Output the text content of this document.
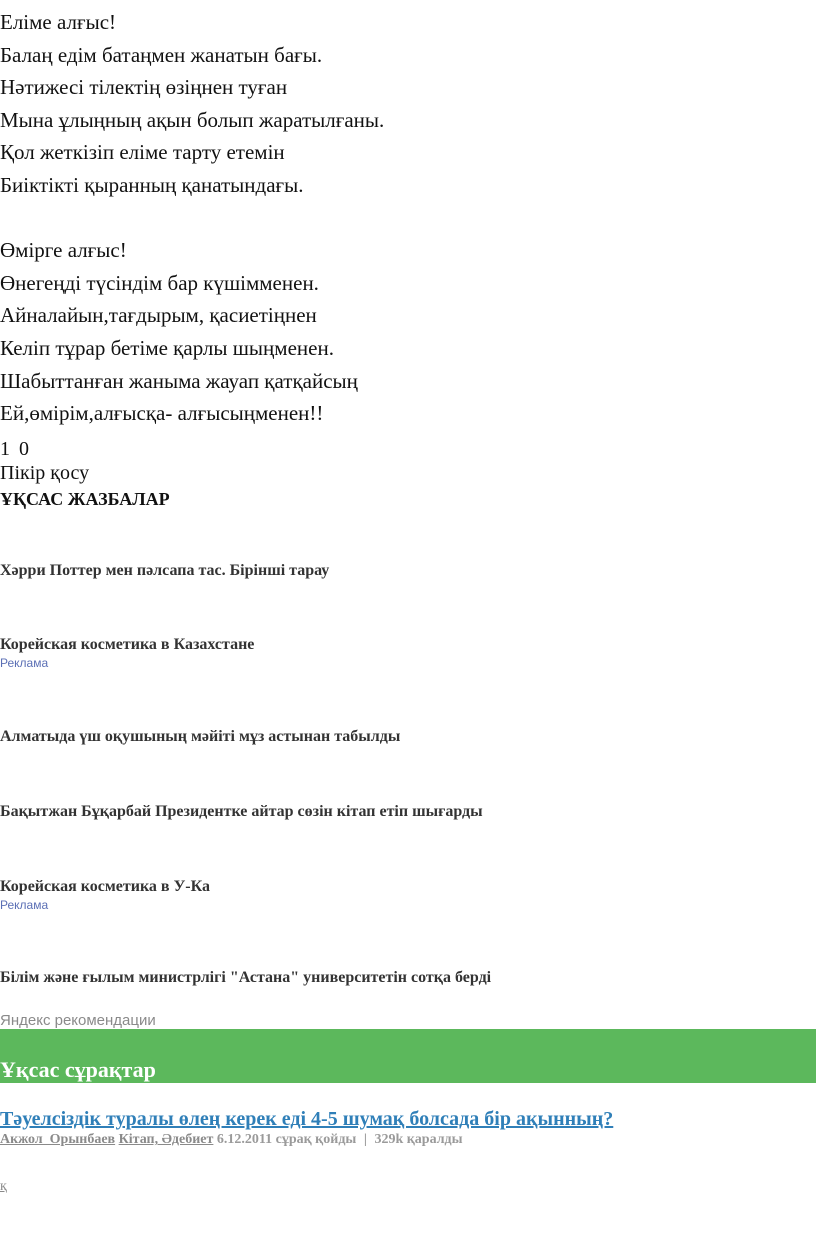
Еліме алғыс!
Балаң едім батаңмен жанатын бағы.
Нәтижесі тілектің өзіңнен туған
Мына ұлыңның ақын болып жаратылғаны.
Қол жеткізіп еліме тарту етемін
Биіктікті қыранның қанатындағы.
Өмірге алғыс!
Өнегеңді түсіндім бар күшімменен.
Айналайын,тағдырым, қасиетіңнен
Келіп тұрар бетіме қарлы шыңменен.
Шабыттанған жаныма жауап қатқайсың
Ей,өмірім,алғысқа- алғысыңменен!!
1 0
Пікір қосу
ҰҚСАС ЖАЗБАЛАР
Хәрри Поттер мен пәлсапа тас. Бірінші тарау
Корейская косметика в Казахстане
Реклама
Алматыда үш оқушының мәйіті мұз астынан табылды
Бақытжан Бұқарбай Президентке айтар сөзін кітап етіп шығарды
Корейская косметика в У-Ка
Реклама
Білім және ғылым министрлігі "Астана" университетін сотқа берді
Яндекс рекомендации
Ұқсас сұрақтар
Тәуелсіздік туралы өлең керек еді 4-5 шумақ болсада бір ақынның?
Акжол_Орынбаев Кітап, Әдебиет 6.12.2011 сұрақ қойды | 329k қаралды
қ
